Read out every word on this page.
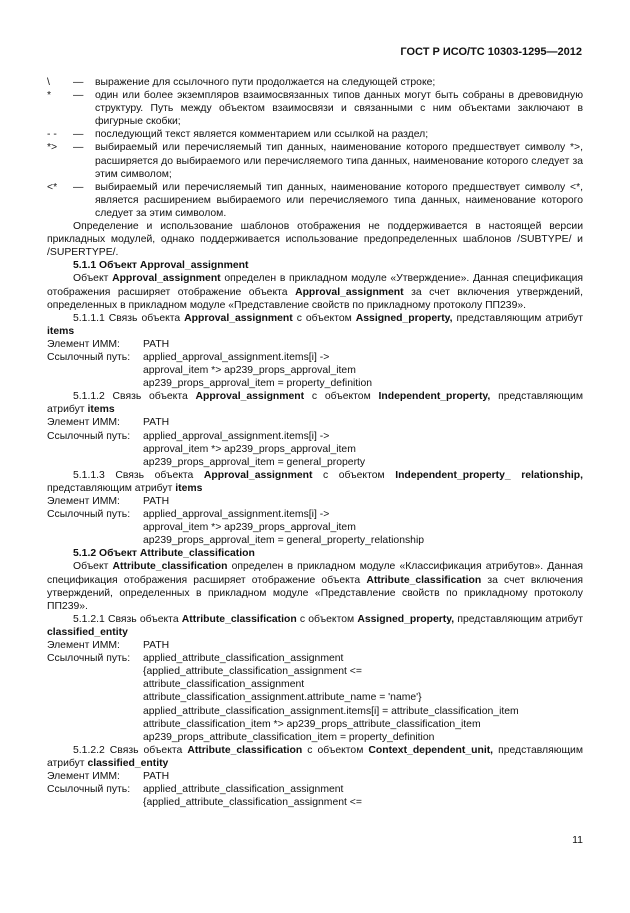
ГОСТ Р ИСО/ТС 10303-1295—2012
\	—	выражение для ссылочного пути продолжается на следующей строке;
*	—	один или более экземпляров взаимосвязанных типов данных могут быть собраны в древовидную структуру. Путь между объектом взаимосвязи и связанными с ним объектами заключают в фигурные скобки;
- -	—	последующий текст является комментарием или ссылкой на раздел;
*>	—	выбираемый или перечисляемый тип данных, наименование которого предшествует символу *>, расширяется до выбираемого или перечисляемого типа данных, наименование которого следует за этим символом;
<*	—	выбираемый или перечисляемый тип данных, наименование которого предшествует символу <*, является расширением выбираемого или перечисляемого типа данных, наименование которого следует за этим символом.

Определение и использование шаблонов отображения не поддерживается в настоящей версии прикладных модулей, однако поддерживается использование предопределенных шаблонов /SUBTYPE/ и /SUPERTYPE/.

5.1.1 Объект Approval_assignment

Объект Approval_assignment определен в прикладном модуле «Утверждение». Данная спецификация отображения расширяет отображение объекта Approval_assignment за счет включения утверждений, определенных в прикладном модуле «Представление свойств по прикладному протоколу ПП239».

5.1.1.1 Связь объекта Approval_assignment с объектом Assigned_property, представляющим атрибут items

Элемент ИММ:	PATH
Ссылочный путь:	applied_approval_assignment.items[i] ->
approval_item *> ap239_props_approval_item
ap239_props_approval_item = property_definition

5.1.1.2 Связь объекта Approval_assignment с объектом Independent_property, представляющим атрибут items

Элемент ИММ:	PATH
Ссылочный путь:	applied_approval_assignment.items[i] ->
approval_item *> ap239_props_approval_item
ap239_props_approval_item = general_property

5.1.1.3 Связь объекта Approval_assignment с объектом Independent_property_ relationship, представляющим атрибут items

Элемент ИММ:	PATH
Ссылочный путь:	applied_approval_assignment.items[i] ->
approval_item *> ap239_props_approval_item
ap239_props_approval_item = general_property_relationship

5.1.2 Объект Attribute_classification

Объект Attribute_classification определен в прикладном модуле «Классификация атрибутов». Данная спецификация отображения расширяет отображение объекта Attribute_classification за счет включения утверждений, определенных в прикладном модуле «Представление свойств по прикладному протоколу ПП239».

5.1.2.1 Связь объекта Attribute_classification с объектом Assigned_property, представляющим атрибут classified_entity

Элемент ИММ:	PATH
Ссылочный путь:	applied_attribute_classification_assignment
{applied_attribute_classification_assignment <=
attribute_classification_assignment
attribute_classification_assignment.attribute_name = 'name'}
applied_attribute_classification_assignment.items[i] = attribute_classification_item
attribute_classification_item *> ap239_props_attribute_classification_item
ap239_props_attribute_classification_item = property_definition

5.1.2.2 Связь объекта Attribute_classification с объектом Context_dependent_unit, представляющим атрибут classified_entity

Элемент ИММ:	PATH
Ссылочный путь:	applied_attribute_classification_assignment
{applied_attribute_classification_assignment <=
11
